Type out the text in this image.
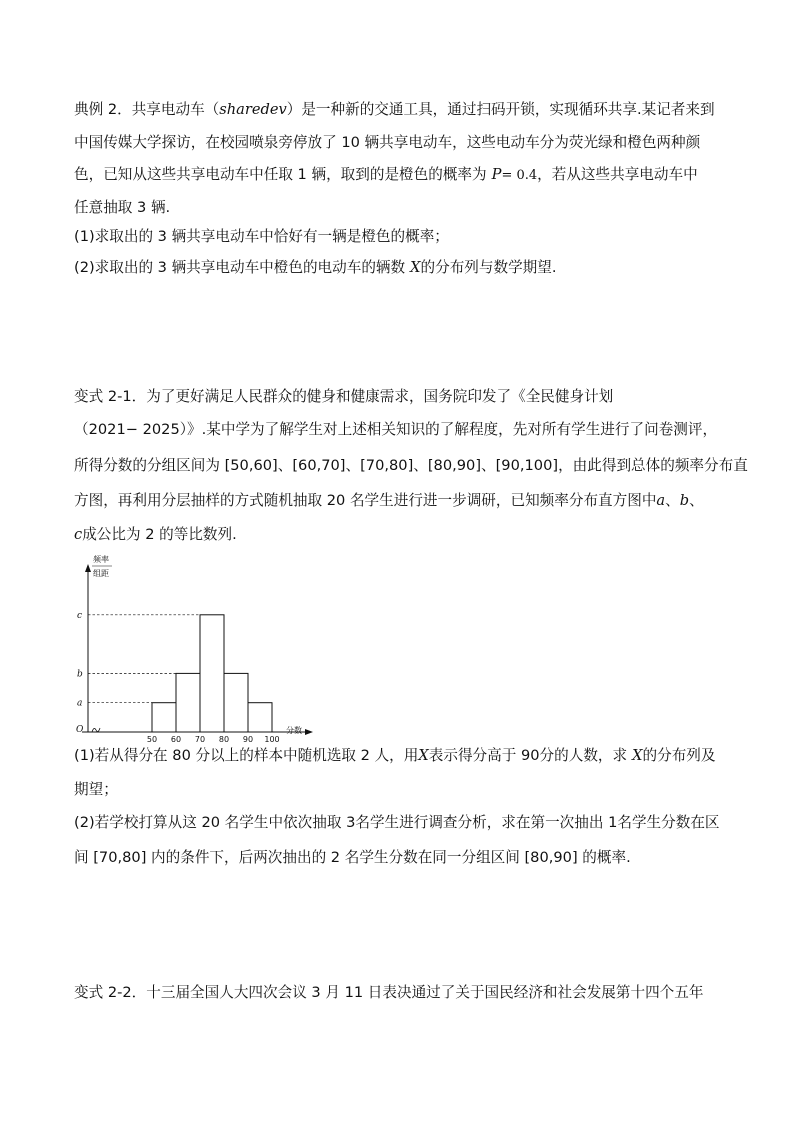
典例 2．共享电动车（sharedev）是一种新的交通工具，通过扫码开锁，实现循环共享.某记者来到
中国传媒大学探访，在校园喷泉旁停放了 10 辆共享电动车，这些电动车分为荧光绿和橙色两种颜
色，已知从这些共享电动车中任取 1 辆，取到的是橙色的概率为 P= 0.4，若从这些共享电动车中
任意抽取 3 辆.
(1)求取出的 3 辆共享电动车中恰好有一辆是橙色的概率；
(2)求取出的 3 辆共享电动车中橙色的电动车的辆数 X的分布列与数学期望.
变式 2-1．为了更好满足人民群众的健身和健康需求，国务院印发了《全民健身计划
（2021− 2025）》.某中学为了解学生对上述相关知识的了解程度，先对所有学生进行了问卷测评，
所得分数的分组区间为 [50,60]、[60,70]、[70,80]、[80,90]、[90,100]，由此得到总体的频率分布直
方图，再利用分层抽样的方式随机抽取 20 名学生进行进一步调研，已知频率分布直方图中a、b、
c成公比为 2 的等比数列.
频率
组距
O	分数
50 60 70 80 90 100
a
b
c
(1)若从得分在 80 分以上的样本中随机选取 2 人，用X表示得分高于 90分的人数，求 X的分布列及
期望；
(2)若学校打算从这 20 名学生中依次抽取 3名学生进行调查分析，求在第一次抽出 1名学生分数在区
间 [70,80] 内的条件下，后两次抽出的 2 名学生分数在同一分组区间 [80,90] 的概率.
变式 2-2．十三届全国人大四次会议 3 月 11 日表决通过了关于国民经济和社会发展第十四个五年
